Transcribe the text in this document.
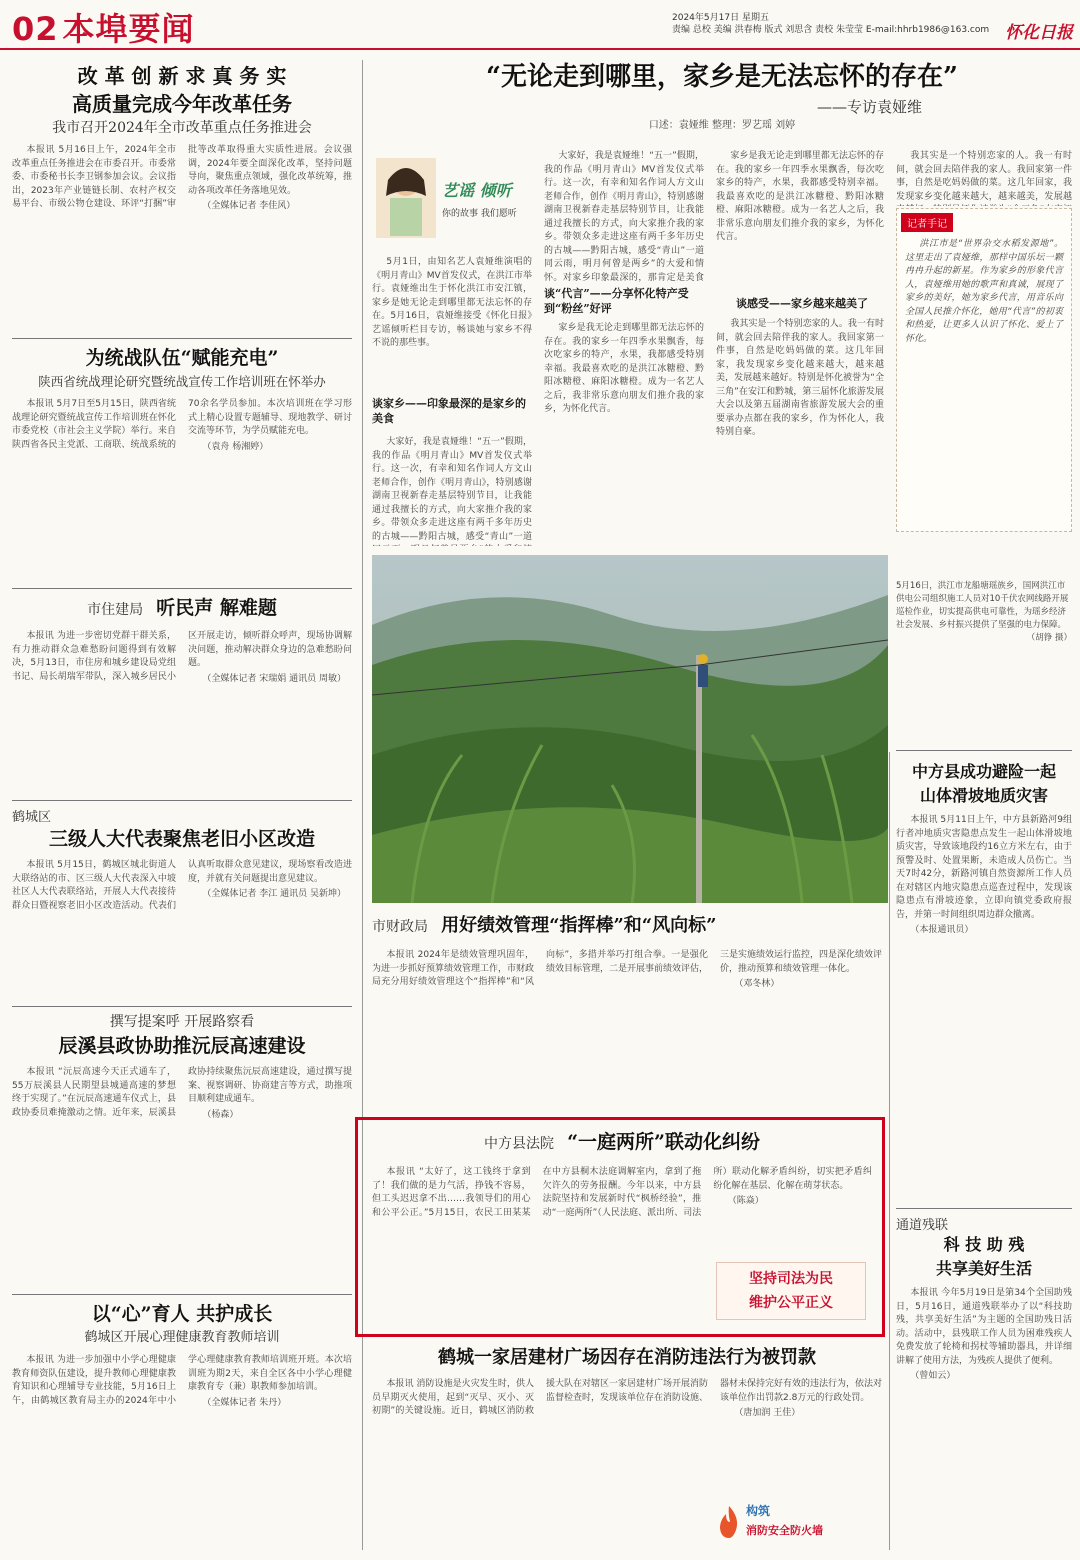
02 本埠要闻	2024年5月17日 星期五
责编 总校 美编 洪春梅 版式 刘思含 责校 朱莹莹 E-mail:hhrb1986@163.com 怀化日报
改 革 创 新 求 真 务 实
高质量完成今年改革任务
我市召开2024年全市改革重点任务推进会

本报讯 5月16日上午，2024年全市改革重点任务推进会在市委召开。市委常委、市委秘书长李卫钢参加会议。会议指出，2023年产业链链长制、农村产权交易平台、市级公物仓建设、环评“打捆”审批等改革取得重大实质性进展。会议强调，2024年要全面深化改革，坚持问题导向，聚焦重点领域，强化改革统筹，推动各项改革任务落地见效。

（全媒体记者 李佳风）

为统战队伍“赋能充电”
陕西省统战理论研究暨统战宣传工作培训班在怀举办

本报讯 5月7日至5月15日，陕西省统战理论研究暨统战宣传工作培训班在怀化市委党校（市社会主义学院）举行。来自陕西省各民主党派、工商联、统战系统的70余名学员参加。本次培训班在学习形式上精心设置专题辅导、现地教学、研讨交流等环节，为学员赋能充电。

（袁舟 杨湘婷）

市住建局 听民声 解难题

本报讯 为进一步密切党群干群关系，有力推动群众急难愁盼问题得到有效解决，5月13日，市住房和城乡建设局党组书记、局长胡瑞军带队，深入城乡居民小区开展走访，倾听群众呼声，现场协调解决问题，推动解决群众身边的急难愁盼问题。

（全媒体记者 宋瑞娟 通讯员 周敏）

鹤城区
三级人大代表聚焦老旧小区改造

本报讯 5月15日，鹤城区城北街道人大联络站的市、区三级人大代表深入中坡社区人大代表联络站，开展人大代表接待群众日暨视察老旧小区改造活动。代表们认真听取群众意见建议，现场察看改造进度，并就有关问题提出意见建议。

（全媒体记者 李江 通讯员 吴新坤）

撰写提案呼 开展路察看
辰溪县政协助推沅辰高速建设

本报讯 “沅辰高速今天正式通车了，55万辰溪县人民期望县城通高速的梦想终于实现了。”在沅辰高速通车仪式上，县政协委员难掩激动之情。近年来，辰溪县政协持续聚焦沅辰高速建设，通过撰写提案、视察调研、协商建言等方式，助推项目顺利建成通车。

（杨森）

以“心”育人 共护成长
鹤城区开展心理健康教育教师培训

本报讯 为进一步加强中小学心理健康教育师资队伍建设，提升教师心理健康教育知识和心理辅导专业技能，5月16日上午，由鹤城区教育局主办的2024年中小学心理健康教育教师培训班开班。本次培训班为期2天，来自全区各中小学心理健康教育专（兼）职教师参加培训。

（全媒体记者 朱丹）

“无论走到哪里，家乡是无法忘怀的存在”
——专访袁娅维
口述：袁娅维 整理：罗艺瑶 刘婷
艺谣 倾听
你的故事 我们愿听

5月1日，由知名艺人袁娅维演唱的《明月青山》MV首发仪式，在洪江市举行。袁娅维出生于怀化洪江市安江镇，家乡是她无论走到哪里都无法忘怀的存在。5月16日，袁娅维接受《怀化日报》艺谣倾听栏目专访，畅谈她与家乡不得不说的那些事。

谈家乡——印象最深的是家乡的美食

大家好，我是袁娅维！“五一”假期，我的作品《明月青山》MV首发仪式举行。这一次，有幸和知名作词人方文山老师合作，创作《明月青山》，特别感谢湖南卫视新春走基层特别节目，让我能通过我擅长的方式，向大家推介我的家乡。带领众多走进这座有两千多年历史的古城——黔阳古城，感受“青山”一道

大家好，我是袁娅维！“五一”假期，我的作品《明月青山》MV首发仪式举行。这一次，有幸和知名作词人方文山老师合作，创作《明月青山》，特别感谢湖南卫视新春走基层特别节目，让我能通过我擅长的方式，向大家推介我的家乡。带领众多走进这座有两千多年历史的古城——黔阳古城，感受“青山”一道同云雨，明月何曾是两乡”的大爱和情怀。对家乡印象最深的，那肯定是美食

谈“代言”——分享怀化特产受到“粉丝”好评

家乡是我无论走到哪里都无法忘怀的存在。我的家乡一年四季水果飘香，每次吃家乡的特产，水果，我都感受特别幸福。我最喜欢吃的是洪江冰糖橙、黔阳冰糖橙、麻阳冰糖橙。成为一名艺人之后，我非常乐意向朋友们推介我的家乡，为怀化代言。

家乡是我无论走到哪里都无法忘怀的存在。我的家乡一年四季水果飘香，每次吃家乡的特产，水果，我都感受特别幸福。我最喜欢吃的是洪江冰糖橙、黔阳冰糖橙、麻阳冰糖橙。成为一名艺人之后，我非常乐意向朋友们推介我的家乡，为怀化代言。

谈感受——家乡越来越美了

我其实是一个特别恋家的人。我一有时间，就会回去陪伴我的家人。我回家第一件事，自然是吃妈妈做的菜。这几年回家，我发现家乡变化越来越大，越来越美，发展越来越好。特别是怀化被誉为“全三角”在安江和黔城，第三届怀化旅游发展大会以及第五届湖南省旅游发展大会的重要承办点都在我的家乡，作为怀化人，我特别自豪。

我其实是一个特别恋家的人。我一有时间，就会回去陪伴我的家人。我回家第一件事，自然是吃妈妈做的菜。这几年回家，我发现家乡变化越来越大，越来越美，发展越

记者手记

洪江市是“世界杂交水稻发源地”。这里走出了袁娅维，那样中国乐坛一颗冉冉升起的新星。作为家乡的形象代言人，袁娅维用她的歌声和真诚，展现了家乡的美好，她为家乡代言，用音乐向全国人民推介怀化，她用“代言”的初衷和热爱，让更多人认识了怀化、爱上了怀化。

5月16日，洪江市龙船塘瑶族乡，国网洪江市供电公司组织施工人员对10千伏农网线路开展巡检作业，切实提高供电可靠性，为瑶乡经济社会发展、乡村振兴提供了坚强的电力保障。
（胡铮 摄）
中方县成功避险一起
山体滑坡地质灾害

本报讯 5月11日上午，中方县新路河9组行者冲地质灾害隐患点发生一起山体滑坡地质灾害，导致该地段约16立方米左右，由于预警及时、处置果断，未造成人员伤亡。当天7时42分，新路河镇自然资源所工作人员在对辖区内地灾隐患点巡查过程中，发现该隐患点有滑坡迹象，立即向镇党委政府报告，并第一时间组织周边群众撤离。

（本报通讯员）

通道残联
科 技 助 残
共享美好生活

本报讯 今年5月19日是第34个全国助残日，5月16日，通道残联举办了以“科技助残，共享美好生活”为主题的全国助残日活动。活动中，县残联工作人员为困难残疾人免费发放了轮椅和拐杖等辅助器具，并详细讲解了使用方法，为残疾人提供了便利。

（曾如云）

市财政局 用好绩效管理“指挥棒”和“风向标”

本报讯 2024年是绩效管理巩固年，为进一步抓好预算绩效管理工作，市财政局充分用好绩效管理这个“指挥棒”和“风向标”，多措并举巧打组合拳。一是强化绩效目标管理，二是开展事前绩效评估，三是实施绩效运行监控，四是深化绩效评价，推动预算和绩效管理一体化。

（邓冬林）

中方县法院 “一庭两所”联动化纠纷

本报讯 “太好了，这工钱终于拿到了！我们做的是力气活，挣钱不容易，但工头迟迟拿不出……我领导们的用心和公平公正。”5月15日，农民工田某某在中方县桐木法庭调解室内，拿到了拖欠许久的劳务报酬。今年以来，中方县法院坚持和发展新时代“枫桥经验”，推动“一庭两所”（人民法庭、派出所、司法所）联动化解矛盾纠纷，切实把矛盾纠纷化解在基层、化解在萌芽状态。

（陈焱）

坚持司法为民
维护公平正义
鹤城一家居建材广场因存在消防违法行为被罚款

本报讯 消防设施是火灾发生时，供人员早期灭火使用，起到“灭早、灭小、灭初期”的关键设施。近日，鹤城区消防救援大队在对辖区一家居建材广场开展消防监督检查时，发现该单位存在消防设施、器材未保持完好有效的违法行为，依法对该单位作出罚款2.8万元的行政处罚。

（唐加润 王佳）

构筑
消防安全防火墙
